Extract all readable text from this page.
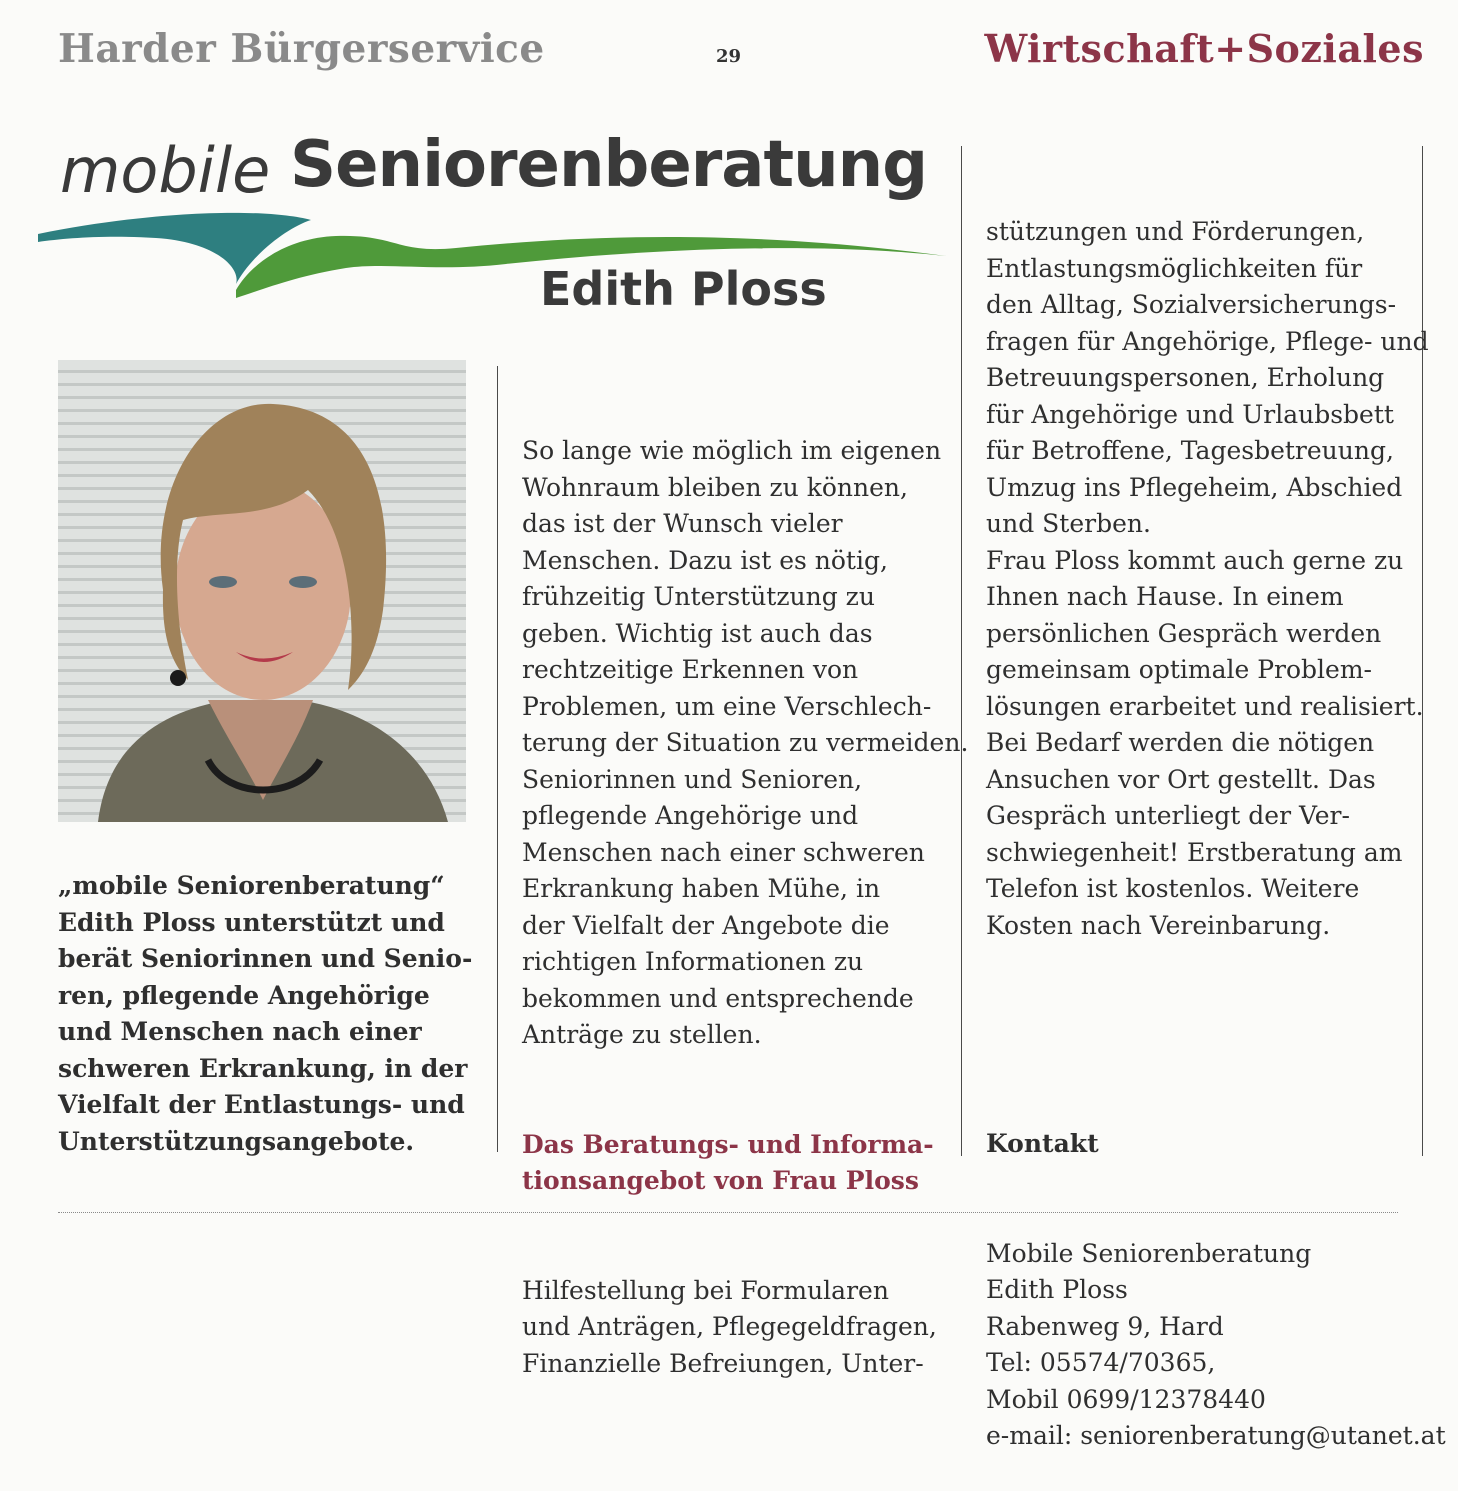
Harder Bürgerservice	29	Wirtschaft+Soziales
mobile Seniorenberatung
Edith Ploss
„mobile Seniorenberatung“
Edith Ploss unterstützt und
berät Seniorinnen und Senio-
ren, pflegende Angehörige
und Menschen nach einer
schweren Erkrankung, in der
Vielfalt der Entlastungs- und
Unterstützungsangebote.

So lange wie möglich im eigenen
Wohnraum bleiben zu können,
das ist der Wunsch vieler
Menschen. Dazu ist es nötig,
frühzeitig Unterstützung zu
geben. Wichtig ist auch das
rechtzeitige Erkennen von
Problemen, um eine Verschlech-
terung der Situation zu vermeiden.
Seniorinnen und Senioren,
pflegende Angehörige und
Menschen nach einer schweren
Erkrankung haben Mühe, in
der Vielfalt der Angebote die
richtigen Informationen zu
bekommen und entsprechende
Anträge zu stellen.

Das Beratungs- und Informa-
tionsangebot von Frau Ploss

Hilfestellung bei Formularen
und Anträgen, Pflegegeldfragen,
Finanzielle Befreiungen, Unter-

stützungen und Förderungen,
Entlastungsmöglichkeiten für
den Alltag, Sozialversicherungs-
fragen für Angehörige, Pflege- und
Betreuungspersonen, Erholung
für Angehörige und Urlaubsbett
für Betroffene, Tagesbetreuung,
Umzug ins Pflegeheim, Abschied
und Sterben.
Frau Ploss kommt auch gerne zu
Ihnen nach Hause. In einem
persönlichen Gespräch werden
gemeinsam optimale Problem-
lösungen erarbeitet und realisiert.
Bei Bedarf werden die nötigen
Ansuchen vor Ort gestellt. Das
Gespräch unterliegt der Ver-
schwiegenheit! Erstberatung am
Telefon ist kostenlos. Weitere
Kosten nach Vereinbarung.

Kontakt

Mobile Seniorenberatung
Edith Ploss
Rabenweg 9, Hard
Tel: 05574/70365,
Mobil 0699/12378440
e-mail: seniorenberatung@utanet.at
